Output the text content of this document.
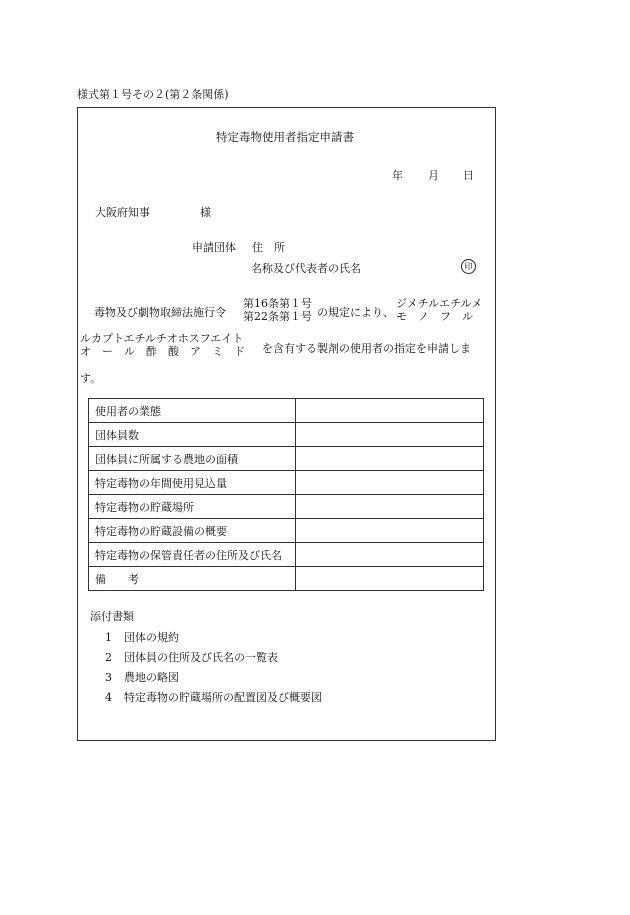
様式第１号その２(第２条関係)
特定毒物使用者指定申請書
年 月 日
大阪府知事	様
申請団体 住　所
名称及び代表者の氏名	印
毒物及び劇物取締法施行令
第16条第１号
第22条第１号 の規定により、
ジメチルエチルメ
モ　ノ　フ　ル
ルカプトエチルチオホスフエイト
オ　ー　ル　酢　酸　ア　ミ　ド を含有する製剤の使用者の指定を申請しま
す。
使用者の業態	
団体員数	
団体員に所属する農地の面積	
特定毒物の年間使用見込量	
特定毒物の貯蔵場所	
特定毒物の貯蔵設備の概要	
特定毒物の保管責任者の住所及び氏名	
備　　考	
添付書類
1 団体の規約
2 団体員の住所及び氏名の一覧表
3 農地の略図
4 特定毒物の貯蔵場所の配置図及び概要図
